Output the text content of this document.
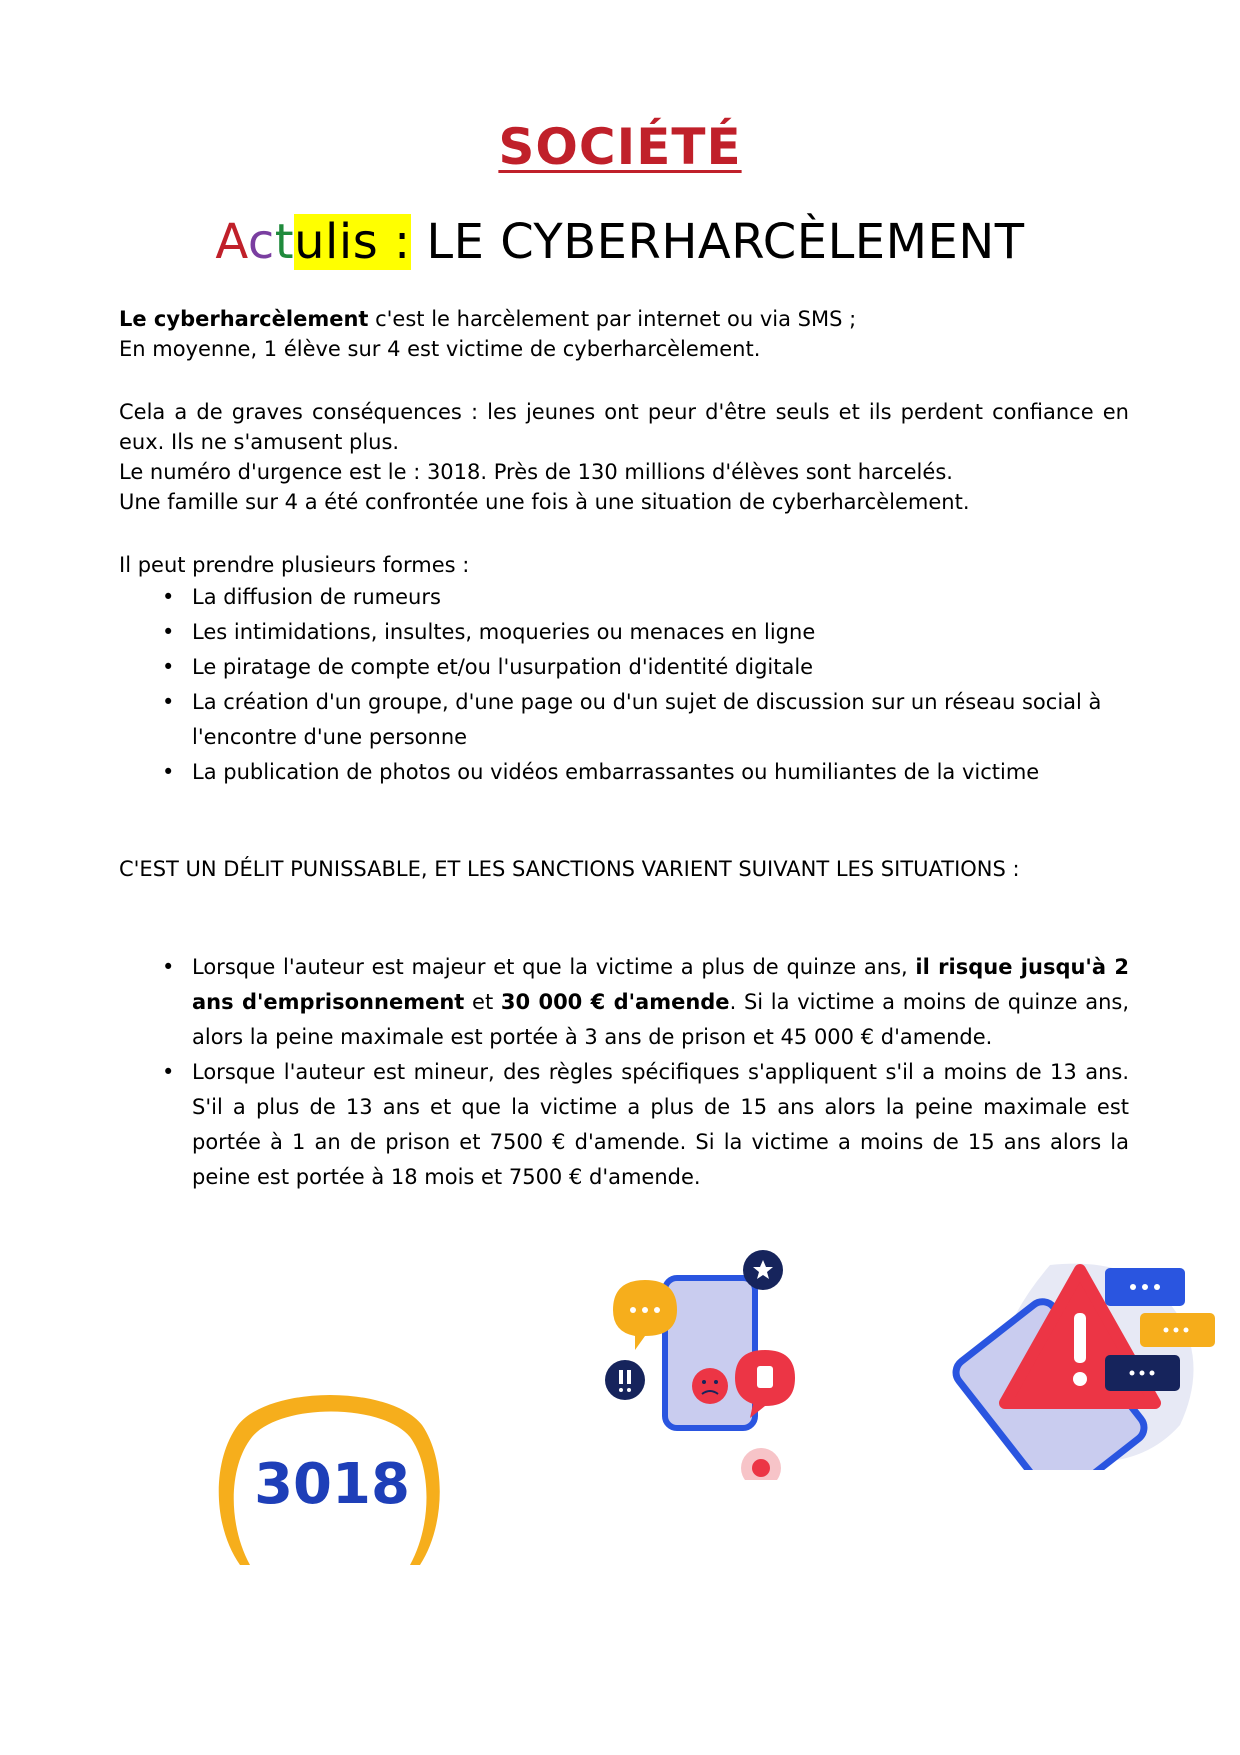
SOCIÉTÉ
Actulis : LE CYBERHARCÈLEMENT

Le cyberharcèlement c'est le harcèlement par internet ou via SMS ;

En moyenne, 1 élève sur 4 est victime de cyberharcèlement.

Cela a de graves conséquences : les jeunes ont peur d'être seuls et ils perdent confiance en eux. Ils ne s'amusent plus.

Le numéro d'urgence est le : 3018. Près de 130 millions d'élèves sont harcelés.

Une famille sur 4 a été confrontée une fois à une situation de cyberharcèlement.

Il peut prendre plusieurs formes :

• La diffusion de rumeurs
• Les intimidations, insultes, moqueries ou menaces en ligne
• Le piratage de compte et/ou l'usurpation d'identité digitale
• La création d'un groupe, d'une page ou d'un sujet de discussion sur un réseau social à l'encontre d'une personne
• La publication de photos ou vidéos embarrassantes ou humiliantes de la victime
C'EST UN DÉLIT PUNISSABLE, ET LES SANCTIONS VARIENT SUIVANT LES SITUATIONS :
• Lorsque l'auteur est majeur et que la victime a plus de quinze ans, il risque jusqu'à 2 ans d'emprisonnement et 30 000 € d'amende. Si la victime a moins de quinze ans, alors la peine maximale est portée à 3 ans de prison et 45 000 € d'amende.
• Lorsque l'auteur est mineur, des règles spécifiques s'appliquent s'il a moins de 13 ans. S'il a plus de 13 ans et que la victime a plus de 15 ans alors la peine maximale est portée à 1 an de prison et 7500 € d'amende. Si la victime a moins de 15 ans alors la peine est portée à 18 mois et 7500 € d'amende.
3018
